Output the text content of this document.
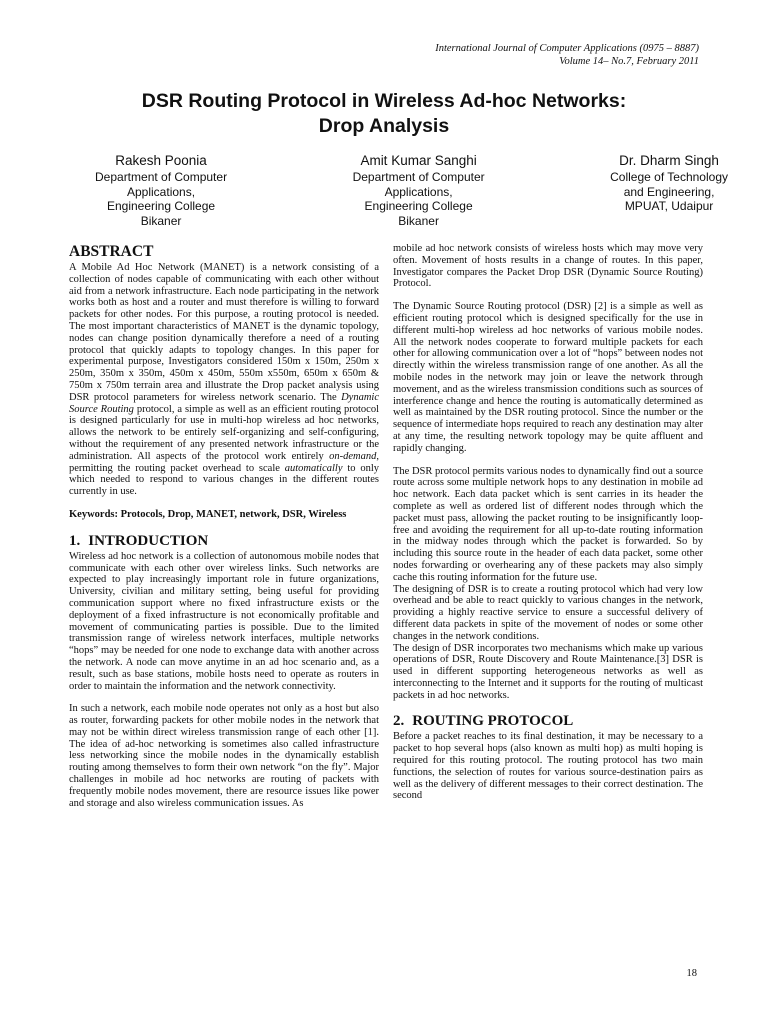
International Journal of Computer Applications (0975 – 8887)
Volume 14– No.7, February 2011
DSR Routing Protocol in Wireless Ad-hoc Networks:
Drop Analysis
Rakesh Poonia
Department of Computer
Applications,
Engineering College
Bikaner
Amit Kumar Sanghi
Department of Computer
Applications,
Engineering College
Bikaner
Dr. Dharm Singh
College of Technology
and Engineering,
MPUAT, Udaipur
ABSTRACT

A Mobile Ad Hoc Network (MANET) is a network consisting of a collection of nodes capable of communicating with each other without aid from a network infrastructure. Each node participating in the network works both as host and a router and must therefore is willing to forward packets for other nodes. For this purpose, a routing protocol is needed. The most important characteristics of MANET is the dynamic topology, nodes can change position dynamically therefore a need of a routing protocol that quickly adapts to topology changes. In this paper for experimental purpose, Investigators considered 150m x 150m, 250m x 250m, 350m x 350m, 450m x 450m, 550m x550m, 650m x 650m & 750m x 750m terrain area and illustrate the Drop packet analysis using DSR protocol parameters for wireless network scenario. The Dynamic Source Routing protocol, a simple as well as an efficient routing protocol is designed particularly for use in multi-hop wireless ad hoc networks, allows the network to be entirely self-organizing and self-configuring, without the requirement of any presented network infrastructure or the administration. All aspects of the protocol work entirely on-demand, permitting the routing packet overhead to scale automatically to only which needed to respond to various changes in the different routes currently in use.

Keywords: Protocols, Drop, MANET, network, DSR, Wireless

1. INTRODUCTION

Wireless ad hoc network is a collection of autonomous mobile nodes that communicate with each other over wireless links. Such networks are expected to play increasingly important role in future organizations, University, civilian and military setting, being useful for providing communication support where no fixed infrastructure exists or the deployment of a fixed infrastructure is not economically profitable and movement of communicating parties is possible. Due to the limited transmission range of wireless network interfaces, multiple networks “hops” may be needed for one node to exchange data with another across the network. A node can move anytime in an ad hoc scenario and, as a result, such as base stations, mobile hosts need to operate as routers in order to maintain the information and the network connectivity.

In such a network, each mobile node operates not only as a host but also as router, forwarding packets for other mobile nodes in the network that may not be within direct wireless transmission range of each other [1]. The idea of ad-hoc networking is sometimes also called infrastructure less networking since the mobile nodes in the dynamically establish routing among themselves to form their own network “on the fly”. Major challenges in mobile ad hoc networks are routing of packets with frequently mobile nodes movement, there are resource issues like power and storage and also wireless communication issues. As

mobile ad hoc network consists of wireless hosts which may move very often. Movement of hosts results in a change of routes. In this paper, Investigator compares the Packet Drop DSR (Dynamic Source Routing) Protocol.

The Dynamic Source Routing protocol (DSR) [2] is a simple as well as efficient routing protocol which is designed specifically for the use in different multi-hop wireless ad hoc networks of various mobile nodes. All the network nodes cooperate to forward multiple packets for each other for allowing communication over a lot of “hops” between nodes not directly within the wireless transmission range of one another. As all the mobile nodes in the network may join or leave the network through movement, and as the wireless transmission conditions such as sources of interference change and hence the routing is automatically determined as well as maintained by the DSR routing protocol. Since the number or the sequence of intermediate hops required to reach any destination may alter at any time, the resulting network topology may be quite affluent and rapidly changing.

The DSR protocol permits various nodes to dynamically find out a source route across some multiple network hops to any destination in mobile ad hoc network. Each data packet which is sent carries in its header the complete as well as ordered list of different nodes through which the packet must pass, allowing the packet routing to be insignificantly loop-free and avoiding the requirement for all up-to-date routing information in the midway nodes through which the packet is forwarded. So by including this source route in the header of each data packet, some other nodes forwarding or overhearing any of these packets may also simply cache this routing information for the future use.

The designing of DSR is to create a routing protocol which had very low overhead and be able to react quickly to various changes in the network, providing a highly reactive service to ensure a successful delivery of different data packets in spite of the movement of nodes or some other changes in the network conditions.

The design of DSR incorporates two mechanisms which make up various operations of DSR, Route Discovery and Route Maintenance.[3] DSR is used in different supporting heterogeneous networks as well as interconnecting to the Internet and it supports for the routing of multicast packets in ad hoc networks.

2. ROUTING PROTOCOL

Before a packet reaches to its final destination, it may be necessary to a packet to hop several hops (also known as multi hop) as multi hoping is required for this routing protocol. The routing protocol has two main functions, the selection of routes for various source-destination pairs as well as the delivery of different messages to their correct destination. The second

18
